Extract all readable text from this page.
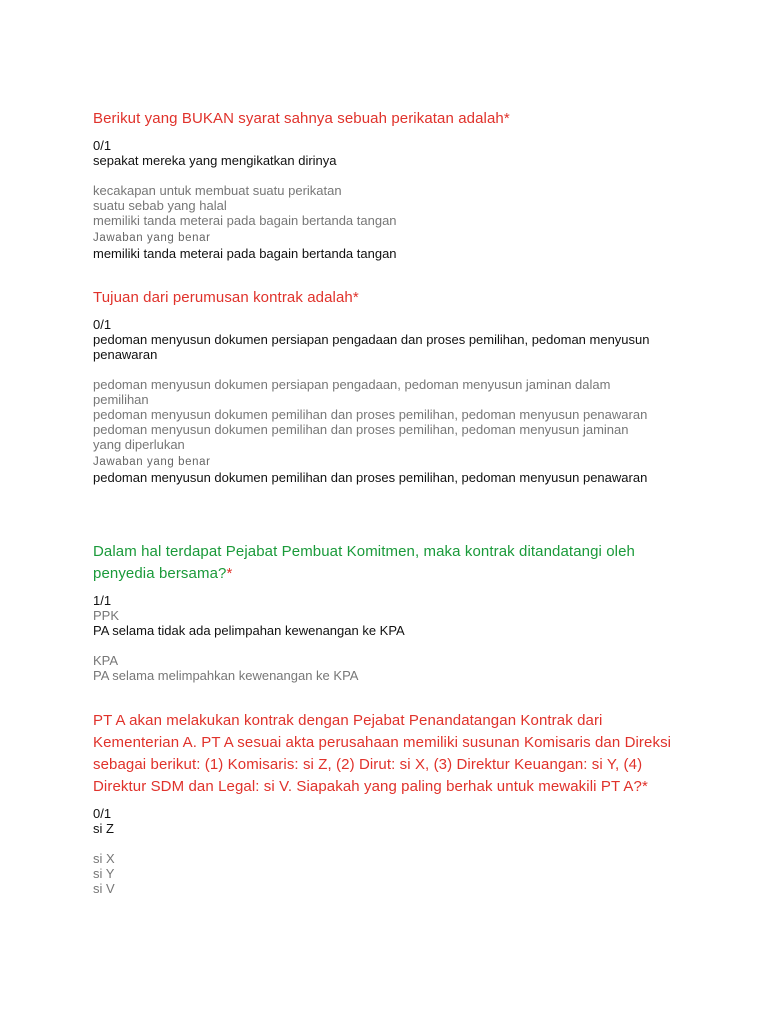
Berikut yang BUKAN syarat sahnya sebuah perikatan adalah*
0/1
sepakat mereka yang mengikatkan dirinya
kecakapan untuk membuat suatu perikatan
suatu sebab yang halal
memiliki tanda meterai pada bagain bertanda tangan
Jawaban yang benar
memiliki tanda meterai pada bagain bertanda tangan
Tujuan dari perumusan kontrak adalah*
0/1
pedoman menyusun dokumen persiapan pengadaan dan proses pemilihan, pedoman menyusun penawaran
pedoman menyusun dokumen persiapan pengadaan, pedoman menyusun jaminan dalam pemilihan
pedoman menyusun dokumen pemilihan dan proses pemilihan, pedoman menyusun penawaran
pedoman menyusun dokumen pemilihan dan proses pemilihan, pedoman menyusun jaminan yang diperlukan
Jawaban yang benar
pedoman menyusun dokumen pemilihan dan proses pemilihan, pedoman menyusun penawaran
Dalam hal terdapat Pejabat Pembuat Komitmen, maka kontrak ditandatangi oleh penyedia bersama?*
1/1
PPK
PA selama tidak ada pelimpahan kewenangan ke KPA
KPA
PA selama melimpahkan kewenangan ke KPA
PT A akan melakukan kontrak dengan Pejabat Penandatangan Kontrak dari Kementerian A. PT A sesuai akta perusahaan memiliki susunan Komisaris dan Direksi sebagai berikut: (1) Komisaris: si Z, (2) Dirut: si X, (3) Direktur Keuangan: si Y, (4) Direktur SDM dan Legal: si V. Siapakah yang paling berhak untuk mewakili PT A?*
0/1
si Z
si X
si Y
si V
